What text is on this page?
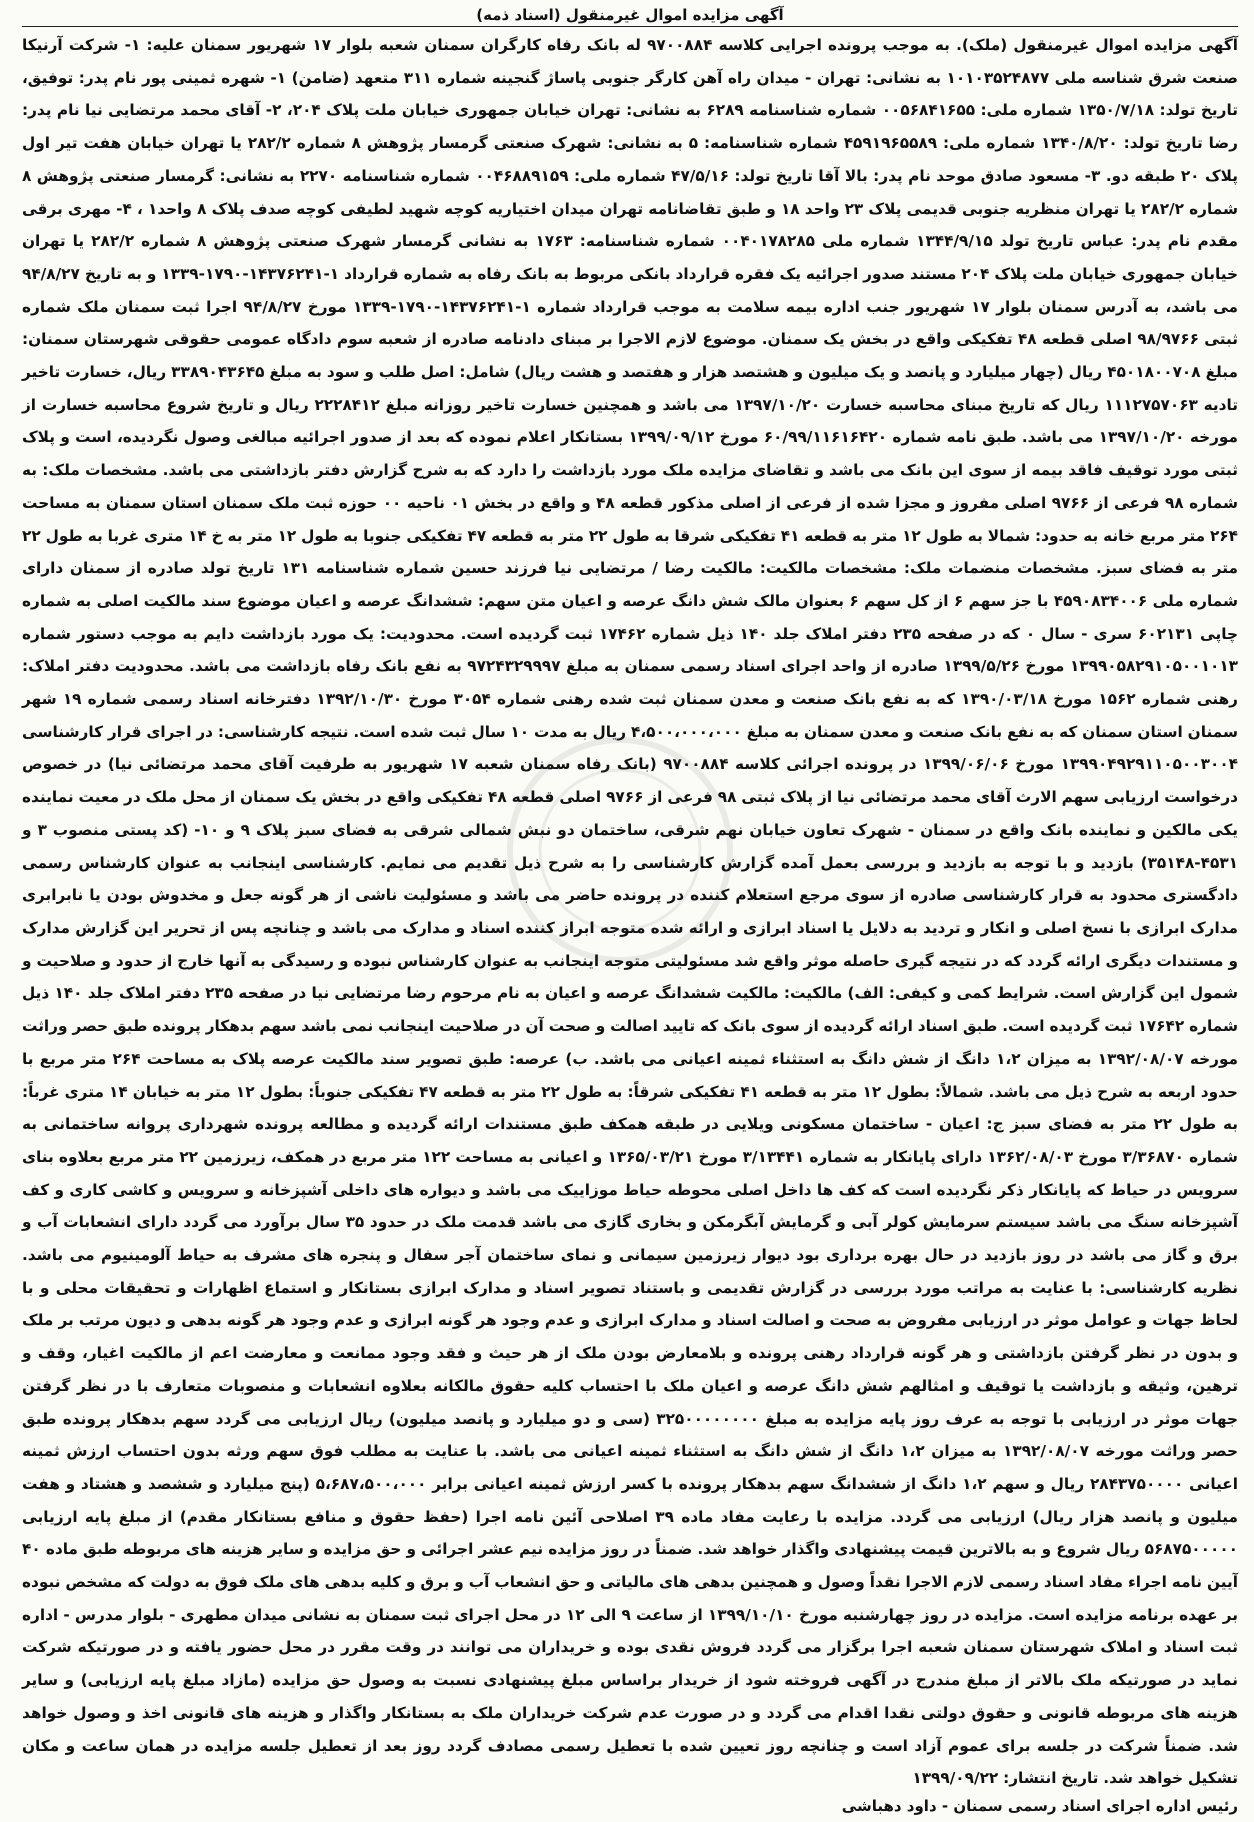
آگهی مزایده اموال غیرمنقول (اسناد ذمه)

آگهی مزایده اموال غیرمنقول (ملک). به موجب پرونده اجرایی کلاسه ۹۷۰۰۸۸۴ له بانک رفاه کارگران سمنان شعبه بلوار ۱۷ شهریور سمنان علیه: ۱- شرکت آرنیکا صنعت شرق شناسه ملی ۱۰۱۰۳۵۲۴۸۷۷ به نشانی: تهران - میدان راه آهن کارگر جنوبی پاساژ گنجینه شماره ۳۱۱ متعهد (ضامن) ۱- شهره ثمینی پور نام پدر: توفیق، تاریخ تولد: ۱۳۵۰/۷/۱۸ شماره ملی: ۰۰۵۶۸۴۱۶۵۵ شماره شناسنامه ۶۲۸۹ به نشانی: تهران خیابان جمهوری خیابان ملت پلاک ۲۰۴، ۲- آقای محمد مرتضایی نیا نام پدر: رضا تاریخ تولد: ۱۳۴۰/۸/۲۰ شماره ملی: ۴۵۹۱۹۶۵۵۸۹ شماره شناسنامه: ۵ به نشانی: شهرک صنعتی گرمسار پژوهش ۸ شماره ۲۸۲/۲ یا تهران خیابان هفت تیر اول پلاک ۲۰ طبقه دو. ۳- مسعود صادق موحد نام پدر: بالا آقا تاریخ تولد: ۴۷/۵/۱۶ شماره ملی: ۰۰۴۶۸۸۹۱۵۹ شماره شناسنامه ۲۲۷۰ به نشانی: گرمسار صنعتی پژوهش ۸ شماره ۲۸۲/۲ یا تهران منظریه جنوبی قدیمی پلاک ۲۳ واحد ۱۸ و طبق تقاضانامه تهران میدان اختیاریه کوچه شهید لطیفی کوچه صدف پلاک ۸ واحد۱ ، ۴- مهری برقی مقدم نام پدر: عباس تاریخ تولد ۱۳۴۴/۹/۱۵ شماره ملی ۰۰۴۰۱۷۸۲۸۵ شماره شناسنامه: ۱۷۶۳ به نشانی گرمسار شهرک صنعتی پژوهش ۸ شماره ۲۸۲/۲ یا تهران خیابان جمهوری خیابان ملت پلاک ۲۰۴ مستند صدور اجرائیه یک فقره قرارداد بانکی مربوط به بانک رفاه به شماره قرارداد ۱-۱۴۳۷۶۲۴۱-۱۷۹۰-۱۳۳۹ و به تاریخ ۹۴/۸/۲۷ می باشد، به آدرس سمنان بلوار ۱۷ شهریور جنب اداره بیمه سلامت به موجب قرارداد شماره ۱-۱۴۳۷۶۲۴۱-۱۷۹۰-۱۳۳۹ مورخ ۹۴/۸/۲۷ اجرا ثبت سمنان ملک شماره ثبتی ۹۸/۹۷۶۶ اصلی قطعه ۴۸ تفکیکی واقع در بخش یک سمنان. موضوع لازم الاجرا بر مبنای دادنامه صادره از شعبه سوم دادگاه عمومی حقوقی شهرستان سمنان: مبلغ ۴۵۰۱۸۰۰۷۰۸ ریال (چهار میلیارد و پانصد و یک میلیون و هشتصد هزار و هفتصد و هشت ریال) شامل: اصل طلب و سود به مبلغ ۳۳۸۹۰۴۳۶۴۵ ریال، خسارت تاخیر تادیه ۱۱۱۲۷۵۷۰۶۳ ریال که تاریخ مبنای محاسبه خسارت ۱۳۹۷/۱۰/۲۰ می باشد و همچنین خسارت تاخیر روزانه مبلغ ۲۲۲۸۴۱۲ ریال و تاریخ شروع محاسبه خسارت از مورخه ۱۳۹۷/۱۰/۲۰ می باشد. طبق نامه شماره ۶۰/۹۹/۱۱۶۱۶۴۲۰ مورخ ۱۳۹۹/۰۹/۱۲ بستانکار اعلام نموده که بعد از صدور اجرائیه مبالغی وصول نگردیده، است و پلاک ثبتی مورد توقیف فاقد بیمه از سوی این بانک می باشد و تقاضای مزایده ملک مورد بازداشت را دارد که به شرح گزارش دفتر بازداشتی می باشد. مشخصات ملک: به شماره ۹۸ فرعی از ۹۷۶۶ اصلی مفروز و مجزا شده از فرعی از اصلی مذکور قطعه ۴۸ و واقع در بخش ۰۱ ناحیه ۰۰ حوزه ثبت ملک سمنان استان سمنان به مساحت ۲۶۴ متر مربع خانه به حدود: شمالا به طول ۱۲ متر به قطعه ۴۱ تفکیکی شرقا به طول ۲۲ متر به قطعه ۴۷ تفکیکی جنوبا به طول ۱۲ متر به خ ۱۴ متری غربا به طول ۲۲ متر به فضای سبز. مشخصات منضمات ملک: مشخصات مالکیت: مالکیت رضا / مرتضایی نیا فرزند حسین شماره شناسنامه ۱۳۱ تاریخ تولد صادره از سمنان دارای شماره ملی ۴۵۹۰۸۳۴۰۰۶ با جز سهم ۶ از کل سهم ۶ بعنوان مالک شش دانگ عرصه و اعیان متن سهم: ششدانگ عرصه و اعیان موضوع سند مالکیت اصلی به شماره چاپی ۶۰۲۱۳۱ سری - سال ۰ که در صفحه ۲۳۵ دفتر املاک جلد ۱۴۰ ذیل شماره ۱۷۴۶۲ ثبت گردیده است. محدودیت: یک مورد بازداشت دایم به موجب دستور شماره ۱۳۹۹۰۵۸۲۹۱۰۵۰۰۱۰۱۳ مورخ ۱۳۹۹/۵/۲۶ صادره از واحد اجرای اسناد رسمی سمنان به مبلغ ۹۷۲۴۳۲۹۹۹۷ به نفع بانک رفاه بازداشت می باشد. محدودیت دفتر املاک: رهنی شماره ۱۵۶۲ مورخ ۱۳۹۰/۰۳/۱۸ که به نفع بانک صنعت و معدن سمنان ثبت شده رهنی شماره ۳۰۵۴ مورخ ۱۳۹۲/۱۰/۳۰ دفترخانه اسناد رسمی شماره ۱۹ شهر سمنان استان سمنان که به نفع بانک صنعت و معدن سمنان به مبلغ ۴،۵۰۰،۰۰۰،۰۰۰ ریال به مدت ۱۰ سال ثبت شده است. نتیجه کارشناسی: در اجرای قرار کارشناسی ۱۳۹۹۰۴۹۲۹۱۱۰۵۰۰۳۰۰۴ مورخ ۱۳۹۹/۰۶/۰۶ در پرونده اجرائی کلاسه ۹۷۰۰۸۸۴ (بانک رفاه سمنان شعبه ۱۷ شهریور به طرفیت آقای محمد مرتضائی نیا) در خصوص درخواست ارزیابی سهم الارث آقای محمد مرتضائی نیا از پلاک ثبتی ۹۸ فرعی از ۹۷۶۶ اصلی قطعه ۴۸ تفکیکی واقع در بخش یک سمنان از محل ملک در معیت نماینده یکی مالکین و نماینده بانک واقع در سمنان - شهرک تعاون خیابان نهم شرقی، ساختمان دو نبش شمالی شرقی به فضای سبز پلاک ۹ و ۱۰- (کد پستی منصوب ۳ و ۴۵۳۱-۳۵۱۴۸) بازدید و با توجه به بازدید و بررسی بعمل آمده گزارش کارشناسی را به شرح ذیل تقدیم می نمایم. کارشناسی اینجانب به عنوان کارشناس رسمی دادگستری محدود به قرار کارشناسی صادره از سوی مرجع استعلام کننده در پرونده حاضر می باشد و مسئولیت ناشی از هر گونه جعل و مخدوش بودن یا نابرابری مدارک ابرازی با نسخ اصلی و انکار و تردید به دلایل یا اسناد ابرازی و ارائه شده متوجه ابراز کننده اسناد و مدارک می باشد و چنانچه پس از تحریر این گزارش مدارک و مستندات دیگری ارائه گردد که در نتیجه گیری حاصله موثر واقع شد مسئولیتی متوجه اینجانب به عنوان کارشناس نبوده و رسیدگی به آنها خارج از حدود و صلاحیت و شمول این گزارش است. شرایط کمی و کیفی: الف) مالکیت: مالکیت ششدانگ عرصه و اعیان به نام مرحوم رضا مرتضایی نیا در صفحه ۲۳۵ دفتر املاک جلد ۱۴۰ ذیل شماره ۱۷۶۴۲ ثبت گردیده است. طبق اسناد ارائه گردیده از سوی بانک که تایید اصالت و صحت آن در صلاحیت اینجانب نمی باشد سهم بدهکار پرونده طبق حصر وراثت مورخه ۱۳۹۲/۰۸/۰۷ به میزان ۱،۲ دانگ از شش دانگ به استثناء ثمینه اعیانی می باشد. ب) عرصه: طبق تصویر سند مالکیت عرصه پلاک به مساحت ۲۶۴ متر مربع با حدود اربعه به شرح ذیل می باشد. شمالاً: بطول ۱۲ متر به قطعه ۴۱ تفکیکی شرقاً: به طول ۲۲ متر به قطعه ۴۷ تفکیکی جنوباً: بطول ۱۲ متر به خیابان ۱۴ متری غرباً: به طول ۲۲ متر به فضای سبز ج: اعیان - ساختمان مسکونی ویلایی در طبقه همکف طبق مستندات ارائه گردیده و مطالعه پرونده شهرداری پروانه ساختمانی به شماره ۳/۳۶۸۷۰ مورخ ۱۳۶۲/۰۸/۰۳ دارای پایانکار به شماره ۳/۱۳۴۴۱ مورخ ۱۳۶۵/۰۳/۲۱ و اعیانی به مساحت ۱۲۲ متر مربع در همکف، زیرزمین ۲۲ متر مربع بعلاوه بنای سرویس در حیاط که پایانکار ذکر نگردیده است که کف ها داخل اصلی محوطه حیاط موزاییک می باشد و دیواره های داخلی آشپزخانه و سرویس و کاشی کاری و کف آشپزخانه سنگ می باشد سیستم سرمایش کولر آبی و گرمایش آبگرمکن و بخاری گازی می باشد قدمت ملک در حدود ۳۵ سال برآورد می گردد دارای انشعابات آب و برق و گاز می باشد در روز بازدید در حال بهره برداری بود دیوار زیرزمین سیمانی و نمای ساختمان آجر سفال و پنجره های مشرف به حیاط آلومینیوم می باشد. نظریه کارشناسی: با عنایت به مراتب مورد بررسی در گزارش تقدیمی و باستناد تصویر اسناد و مدارک ابرازی بستانکار و استماع اظهارات و تحقیقات محلی و با لحاظ جهات و عوامل موثر در ارزیابی مفروض به صحت و اصالت اسناد و مدارک ابرازی و عدم وجود هر گونه ابرازی و عدم وجود هر گونه بدهی و دیون مرتب بر ملک و بدون در نظر گرفتن بازداشتی و هر گونه قرارداد رهنی پرونده و بلامعارض بودن ملک از هر حیث و فقد وجود ممانعت و معارضت اعم از مالکیت اغیار، وقف و ترهین، وثیقه و بازداشت یا توقیف و امثالهم شش دانگ عرصه و اعیان ملک با احتساب کلیه حقوق مالکانه بعلاوه انشعابات و منصوبات متعارف با در نظر گرفتن جهات موثر در ارزیابی با توجه به عرف روز پایه مزایده به مبلغ ۳۲۵۰۰۰۰۰۰۰۰ (سی و دو میلیارد و پانصد میلیون) ریال ارزیابی می گردد سهم بدهکار پرونده طبق حصر وراثت مورخه ۱۳۹۲/۰۸/۰۷ به میزان ۱،۲ دانگ از شش دانگ به استثناء ثمینه اعیانی می باشد. با عنایت به مطلب فوق سهم ورثه بدون احتساب ارزش ثمینه اعیانی ۲۸۴۳۷۵۰۰۰۰ ریال و سهم ۱،۲ دانگ از ششدانگ سهم بدهکار پرونده با کسر ارزش ثمینه اعیانی برابر ۵،۶۸۷،۵۰۰،۰۰۰ (پنج میلیارد و ششصد و هشتاد و هفت میلیون و پانصد هزار ریال) ارزیابی می گردد. مزایده با رعایت مفاد ماده ۳۹ اصلاحی آئین نامه اجرا (حفظ حقوق و منافع بستانکار مقدم) از مبلغ پایه ارزیابی ۵۶۸۷۵۰۰۰۰۰ ریال شروع و به بالاترین قیمت پیشنهادی واگذار خواهد شد. ضمناً در روز مزایده نیم عشر اجرائی و حق مزایده و سایر هزینه های مربوطه طبق ماده ۴۰ آیین نامه اجراء مفاد اسناد رسمی لازم الاجرا نقداً وصول و همچنین بدهی های مالیاتی و حق انشعاب آب و برق و کلیه بدهی های ملک فوق به دولت که مشخص نبوده بر عهده برنامه مزایده است. مزایده در روز چهارشنبه مورخ ۱۳۹۹/۱۰/۱۰ از ساعت ۹ الی ۱۲ در محل اجرای ثبت سمنان به نشانی میدان مطهری - بلوار مدرس - اداره ثبت اسناد و املاک شهرستان سمنان شعبه اجرا برگزار می گردد فروش نقدی بوده و خریداران می توانند در وقت مقرر در محل حضور یافته و در صورتیکه شرکت نماید در صورتیکه ملک بالاتر از مبلغ مندرج در آگهی فروخته شود از خریدار براساس مبلغ پیشنهادی نسبت به وصول حق مزایده (مازاد مبلغ پایه ارزیابی) و سایر هزینه های مربوطه قانونی و حقوق دولتی نقدا اقدام می گردد و در صورت عدم شرکت خریداران ملک به بستانکار واگذار و هزینه های قانونی اخذ و وصول خواهد شد. ضمناً شرکت در جلسه برای عموم آزاد است و چنانچه روز تعیین شده با تعطیل رسمی مصادف گردد روز بعد از تعطیل جلسه مزایده در همان ساعت و مکان تشکیل خواهد شد. تاریخ انتشار: ۱۳۹۹/۰۹/۲۲

رئیس اداره اجرای اسناد رسمی سمنان - داود دهباشی
